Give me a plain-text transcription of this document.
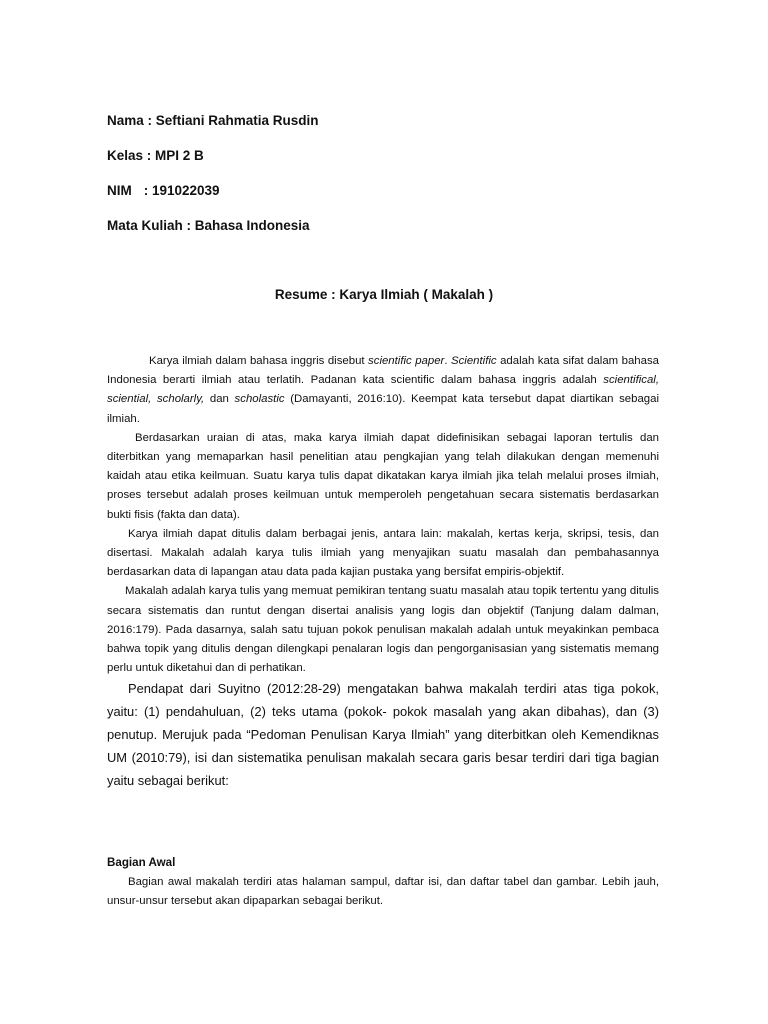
Nama : Seftiani Rahmatia Rusdin
Kelas : MPI 2 B
NIM : 191022039
Mata Kuliah : Bahasa Indonesia
Resume : Karya Ilmiah ( Makalah )

Karya ilmiah dalam bahasa inggris disebut scientific paper. Scientific adalah kata sifat dalam bahasa Indonesia berarti ilmiah atau terlatih. Padanan kata scientific dalam bahasa inggris adalah scientifical, sciential, scholarly, dan scholastic (Damayanti, 2016:10). Keempat kata tersebut dapat diartikan sebagai ilmiah.

Berdasarkan uraian di atas, maka karya ilmiah dapat didefinisikan sebagai laporan tertulis dan diterbitkan yang memaparkan hasil penelitian atau pengkajian yang telah dilakukan dengan memenuhi kaidah atau etika keilmuan. Suatu karya tulis dapat dikatakan karya ilmiah jika telah melalui proses ilmiah, proses tersebut adalah proses keilmuan untuk memperoleh pengetahuan secara sistematis berdasarkan bukti fisis (fakta dan data).

Karya ilmiah dapat ditulis dalam berbagai jenis, antara lain: makalah, kertas kerja, skripsi, tesis, dan disertasi. Makalah adalah karya tulis ilmiah yang menyajikan suatu masalah dan pembahasannya berdasarkan data di lapangan atau data pada kajian pustaka yang bersifat empiris-objektif.

Makalah adalah karya tulis yang memuat pemikiran tentang suatu masalah atau topik tertentu yang ditulis secara sistematis dan runtut dengan disertai analisis yang logis dan objektif (Tanjung dalam dalman, 2016:179). Pada dasarnya, salah satu tujuan pokok penulisan makalah adalah untuk meyakinkan pembaca bahwa topik yang ditulis dengan dilengkapi penalaran logis dan pengorganisasian yang sistematis memang perlu untuk diketahui dan di perhatikan.

Pendapat dari Suyitno (2012:28-29) mengatakan bahwa makalah terdiri atas tiga pokok, yaitu: (1) pendahuluan, (2) teks utama (pokok- pokok masalah yang akan dibahas), dan (3) penutup. Merujuk pada “Pedoman Penulisan Karya Ilmiah” yang diterbitkan oleh Kemendiknas UM (2010:79), isi dan sistematika penulisan makalah secara garis besar terdiri dari tiga bagian yaitu sebagai berikut:

Bagian Awal

Bagian awal makalah terdiri atas halaman sampul, daftar isi, dan daftar tabel dan gambar. Lebih jauh, unsur-unsur tersebut akan dipaparkan sebagai berikut.
